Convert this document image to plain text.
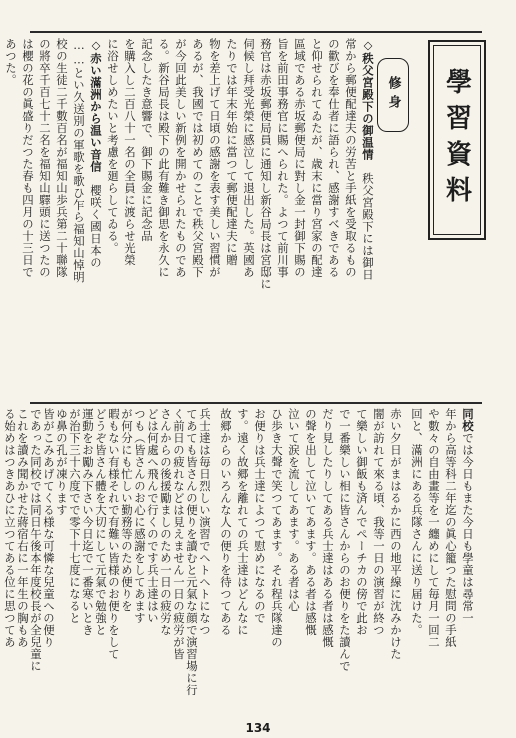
學習資料
修身
◇秩父宮殿下の御温情　秩父宮殿下には御日
常から郵便配達夫の労苦と手紙を受取るもの
の歡びを奉仕者に語られ、感謝すべきである
と仰せられてゐたが、歳末に當り宮家の配達
區域である赤坂郵便局に對し金一封御下賜の
旨を前田事務官に賜へられた。よつて前川事
務官は赤坂郵便局員に通知し新谷局長は宮邸に
伺候し拜受光榮に感泣して退出した。英國あ
たりでは年末年始に當つて郵便配達夫に贈
物を差上げて日頃の感謝を表す美しい習慣が
あるが、我國では初めてのことで秩父宮殿下
が今回此美しい新例を開かせられたものであ
る。新谷局長は殿下の此有難き御思を永久に
記念したき意響で、御下賜金に記念品
を購入し二百八十一名の全員に渡らせ光榮
に浴せしめたいと考慮を廻らしてゐる。
◇赤い滿洲から温い音信　櫻咲く國日本の
……とい久送別の軍歌を歌ひ乍ら福知山悼明
校の生徒二千數百名が福知山歩兵第二十聯隊
の將卒千百七十二名を福知山驛頭に送つたの
は櫻の花の眞盛りだつた春も四月の十三日で
あつた。
同校では今日もまた今日も學童は尋常一
年から高等科二年迄の眞心籠つた慰問の手紙
や數々の自由畫等を一纏めにして毎月一回二
回と、滿洲にある兵隊さんに送り届けた。
赤い夕日がまはるかに西の地平線に沈みかけた
闇が訪れて來る頃、我等一日の演習が終つ
て樂しい御飯も済んでぺーチカの傍で此お
で一番樂しい相に皆さんからのお便りをた讀んで
だり見したりしてある兵士達はある者は感慨
の聲を出して泣いてあます。ある者は感慨
泣いて涙を流してあます。ある者は心
ひ歩き大聲で笑つてあます。それ程兵隊達の
お便りは兵士達によつて慰めになるので
す。遠く故郷を離れての兵士達はどんなに
故郷からのいろんな人の便りを待つてある
兵士達は毎日烈しい演習でヘトヘトになつ
てあても皆さんの便りを讀むと元氣な顔で演習場に行
く前日の疲れなどは見えません一日の疲労が皆
さんからの後援勵ましのため一日の疲労な
どは何處へ飛んで行くのです兵士達はい
つも（皆さんのお心に感謝をしてあます
が何分にも忙しい勤務等のため便りを
暇もない有様それで有難い皆様のお便りをして
どうぞ皆さん體を大切にして元氣で勉強と
運動をお勵み下さい今日迄で一番寒いとき
が治下三十六度でで零下十七度になると
ゆ鼻の孔が凍ります
皆がこみあげてくる様な可憐な兒童への便り
であった同校では同日午後本年度校長が全兒童に
これを讀み聞かせた蔣宿右に一年生の胸もあ
る始めはつきあひに立つてある位に思つてあ
134
